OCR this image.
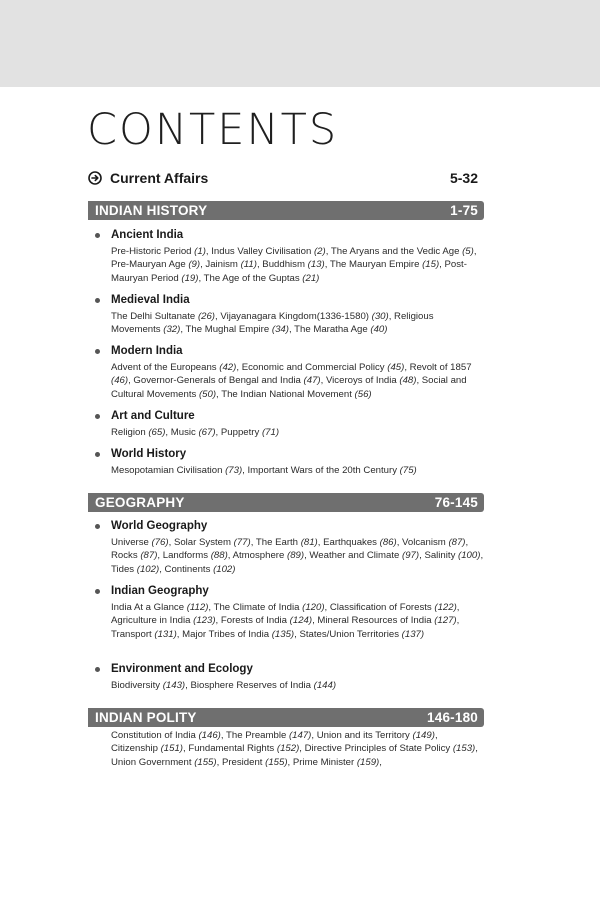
CONTENTS
Current Affairs	5-32
INDIAN HISTORY	1-75
Ancient India
Pre-Historic Period (1), Indus Valley Civilisation (2), The Aryans and the Vedic Age (5), Pre-Mauryan Age (9), Jainism (11), Buddhism (13), The Mauryan Empire (15), Post-Mauryan Period (19), The Age of the Guptas (21)
Medieval India
The Delhi Sultanate (26), Vijayanagara Kingdom(1336-1580) (30), Religious Movements (32), The Mughal Empire (34), The Maratha Age (40)
Modern India
Advent of the Europeans (42), Economic and Commercial Policy (45), Revolt of 1857 (46), Governor-Generals of Bengal and India (47), Viceroys of India (48), Social and Cultural Movements (50), The Indian National Movement (56)
Art and Culture
Religion (65), Music (67), Puppetry (71)
World History
Mesopotamian Civilisation (73), Important Wars of the 20th Century (75)
GEOGRAPHY	76-145
World Geography
Universe (76), Solar System (77), The Earth (81), Earthquakes (86), Volcanism (87), Rocks (87), Landforms (88), Atmosphere (89), Weather and Climate (97), Salinity (100), Tides (102), Continents (102)
Indian Geography
India At a Glance (112), The Climate of India (120), Classification of Forests (122), Agriculture in India (123), Forests of India (124), Mineral Resources of India (127), Transport (131), Major Tribes of India (135), States/Union Territories (137)
Environment and Ecology
Biodiversity (143), Biosphere Reserves of India (144)
INDIAN POLITY	146-180
Constitution of India (146), The Preamble (147), Union and its Territory (149), Citizenship (151), Fundamental Rights (152), Directive Principles of State Policy (153), Union Government (155), President (155), Prime Minister (159),
